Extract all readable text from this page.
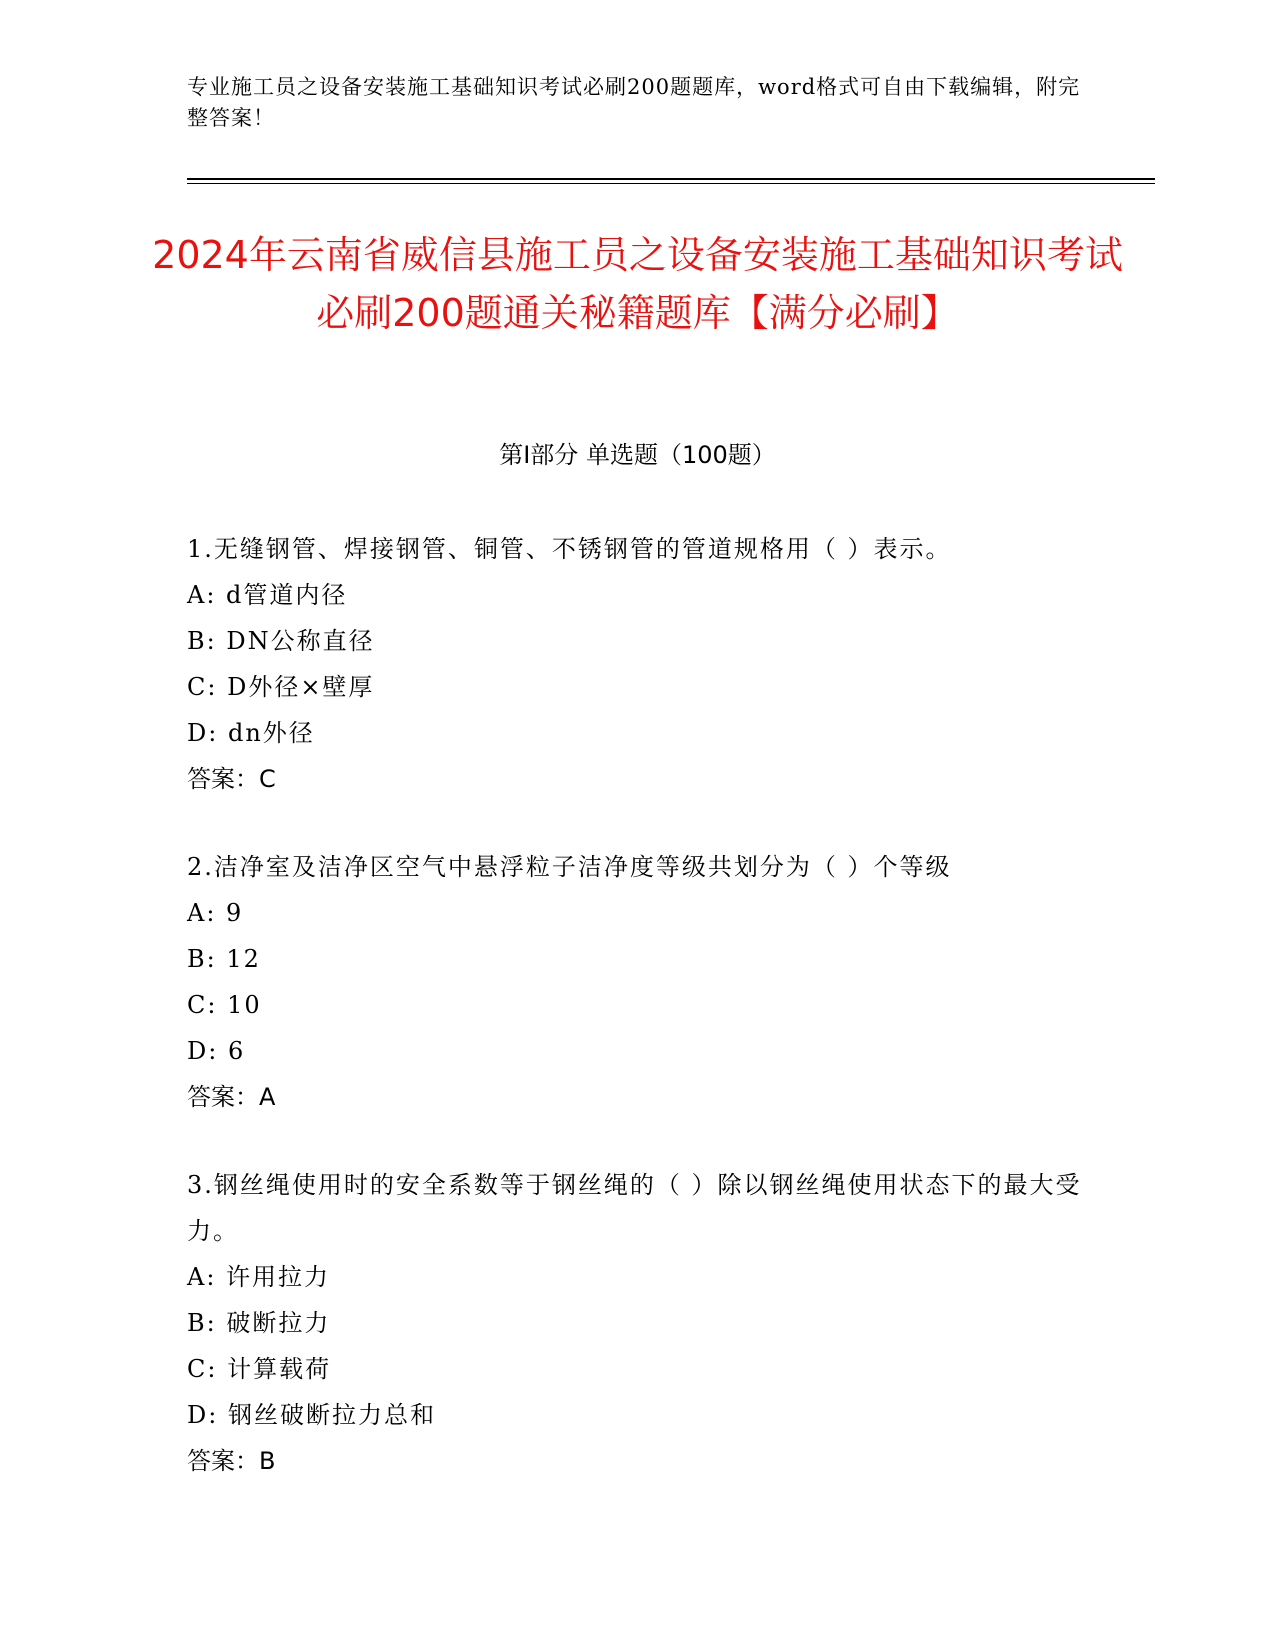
专业施工员之设备安装施工基础知识考试必刷200题题库，word格式可自由下载编辑，附完整答案！
2024年云南省威信县施工员之设备安装施工基础知识考试必刷200题通关秘籍题库【满分必刷】
第Ⅰ部分 单选题（100题）
1.无缝钢管、焊接钢管、铜管、不锈钢管的管道规格用（ ）表示。
A: d管道内径
B: DN公称直径
C: D外径×壁厚
D: dn外径
答案：C
2.洁净室及洁净区空气中悬浮粒子洁净度等级共划分为（ ）个等级
A: 9
B: 12
C: 10
D: 6
答案：A
3.钢丝绳使用时的安全系数等于钢丝绳的（ ）除以钢丝绳使用状态下的最大受力。
A: 许用拉力
B: 破断拉力
C: 计算载荷
D: 钢丝破断拉力总和
答案：B
